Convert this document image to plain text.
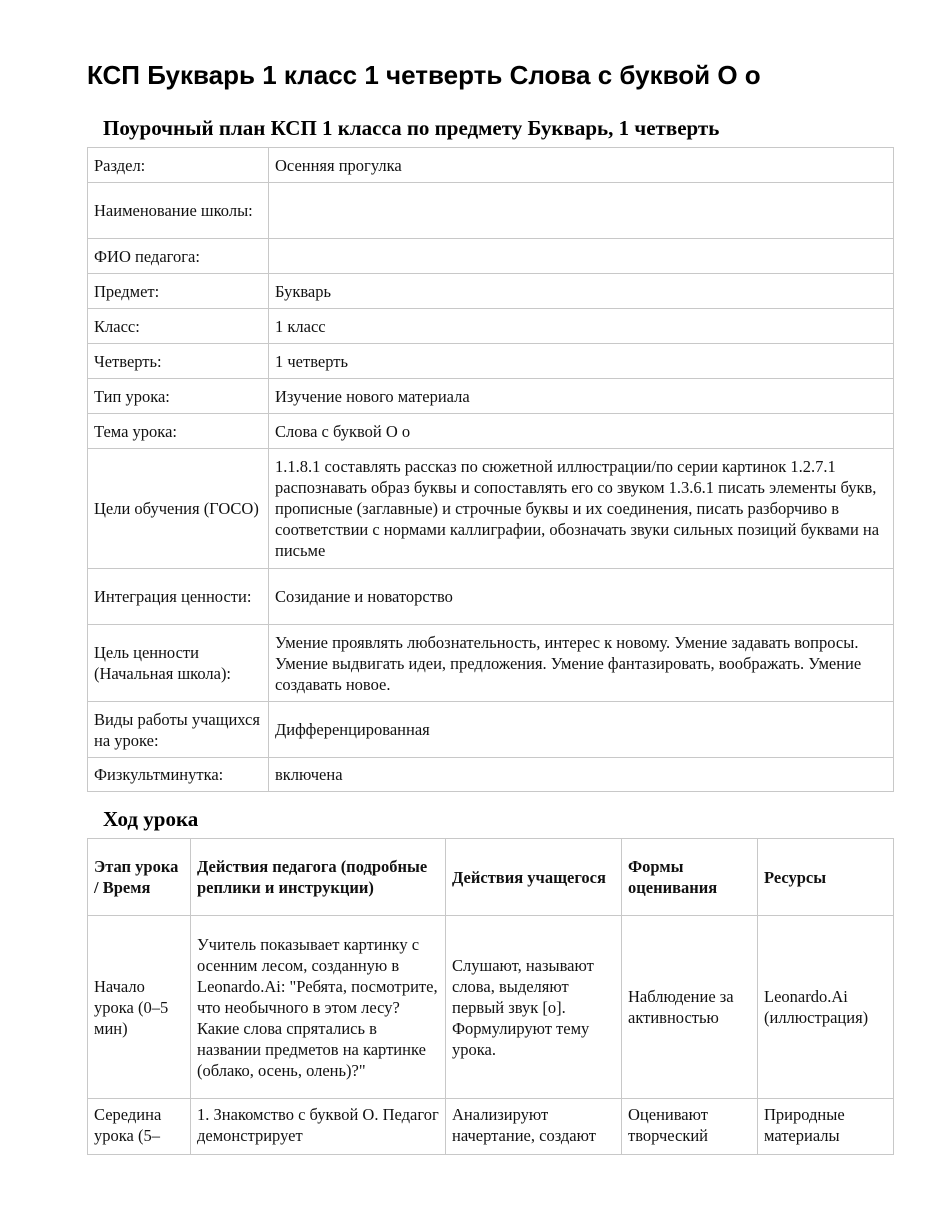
КСП Букварь 1 класс 1 четверть Слова с буквой О о
Поурочный план КСП 1 класса по предмету Букварь, 1 четверть
Раздел:	Осенняя прогулка
Наименование школы:	
ФИО педагога:	
Предмет:	Букварь
Класс:	1 класс
Четверть:	1 четверть
Тип урока:	Изучение нового материала
Тема урока:	Слова с буквой О о
Цели обучения (ГОСО)	1.1.8.1 составлять рассказ по сюжетной иллюстрации/по серии картинок 1.2.7.1 распознавать образ буквы и сопоставлять его со звуком 1.3.6.1 писать элементы букв, прописные (заглавные) и строчные буквы и их соединения, писать разборчиво в соответствии с нормами каллиграфии, обозначать звуки сильных позиций буквами на письме
Интеграция ценности:	Созидание и новаторство
Цель ценности (Начальная школа):	Умение проявлять любознательность, интерес к новому. Умение задавать вопросы. Умение выдвигать идеи, предложения. Умение фантазировать, воображать. Умение создавать новое.
Виды работы учащихся на уроке:	Дифференцированная
Физкультминутка:	включена
Ход урока
Этап урока / Время	Действия педагога (подробные реплики и инструкции)	Действия учащегося	Формы оценивания	Ресурсы
Начало урока (0–5 мин)	Учитель показывает картинку с осенним лесом, созданную в Leonardo.Ai: "Ребята, посмотрите, что необычного в этом лесу? Какие слова спрятались в названии предметов на картинке (облако, осень, олень)?"	Слушают, называют слова, выделяют первый звук [о]. Формулируют тему урока.	Наблюдение за активностью	Leonardo.Ai (иллюстрация)
Середина урока (5–	1. Знакомство с буквой О. Педагог демонстрирует	Анализируют начертание, создают	Оценивают творческий	Природные материалы
